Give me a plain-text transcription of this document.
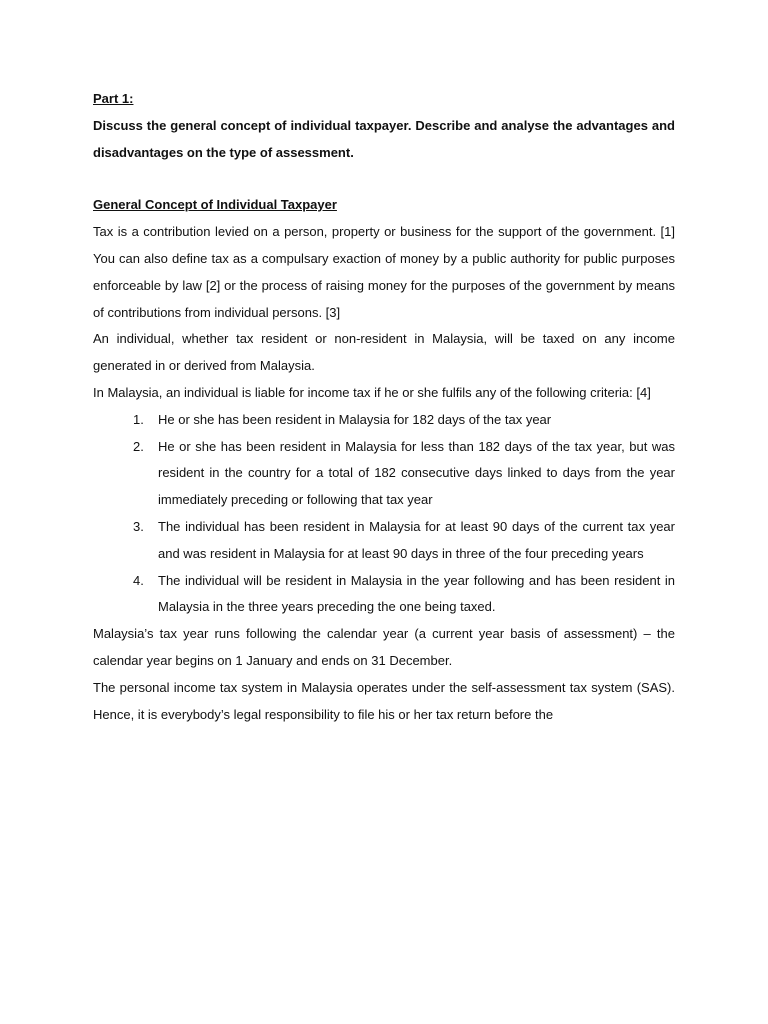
Part 1:

Discuss the general concept of individual taxpayer. Describe and analyse the advantages and disadvantages on the type of assessment.

General Concept of Individual Taxpayer

Tax is a contribution levied on a person, property or business for the support of the government. [1] You can also define tax as a compulsary exaction of money by a public authority for public purposes enforceable by law [2] or the process of raising money for the purposes of the government by means of contributions from individual persons. [3]

An individual, whether tax resident or non-resident in Malaysia, will be taxed on any income generated in or derived from Malaysia.

In Malaysia, an individual is liable for income tax if he or she fulfils any of the following criteria: [4]

1. He or she has been resident in Malaysia for 182 days of the tax year
2. He or she has been resident in Malaysia for less than 182 days of the tax year, but was resident in the country for a total of 182 consecutive days linked to days from the year immediately preceding or following that tax year
3. The individual has been resident in Malaysia for at least 90 days of the current tax year and was resident in Malaysia for at least 90 days in three of the four preceding years
4. The individual will be resident in Malaysia in the year following and has been resident in Malaysia in the three years preceding the one being taxed.

Malaysia’s tax year runs following the calendar year (a current year basis of assessment) – the calendar year begins on 1 January and ends on 31 December.

The personal income tax system in Malaysia operates under the self-assessment tax system (SAS). Hence, it is everybody’s legal responsibility to file his or her tax return before the
